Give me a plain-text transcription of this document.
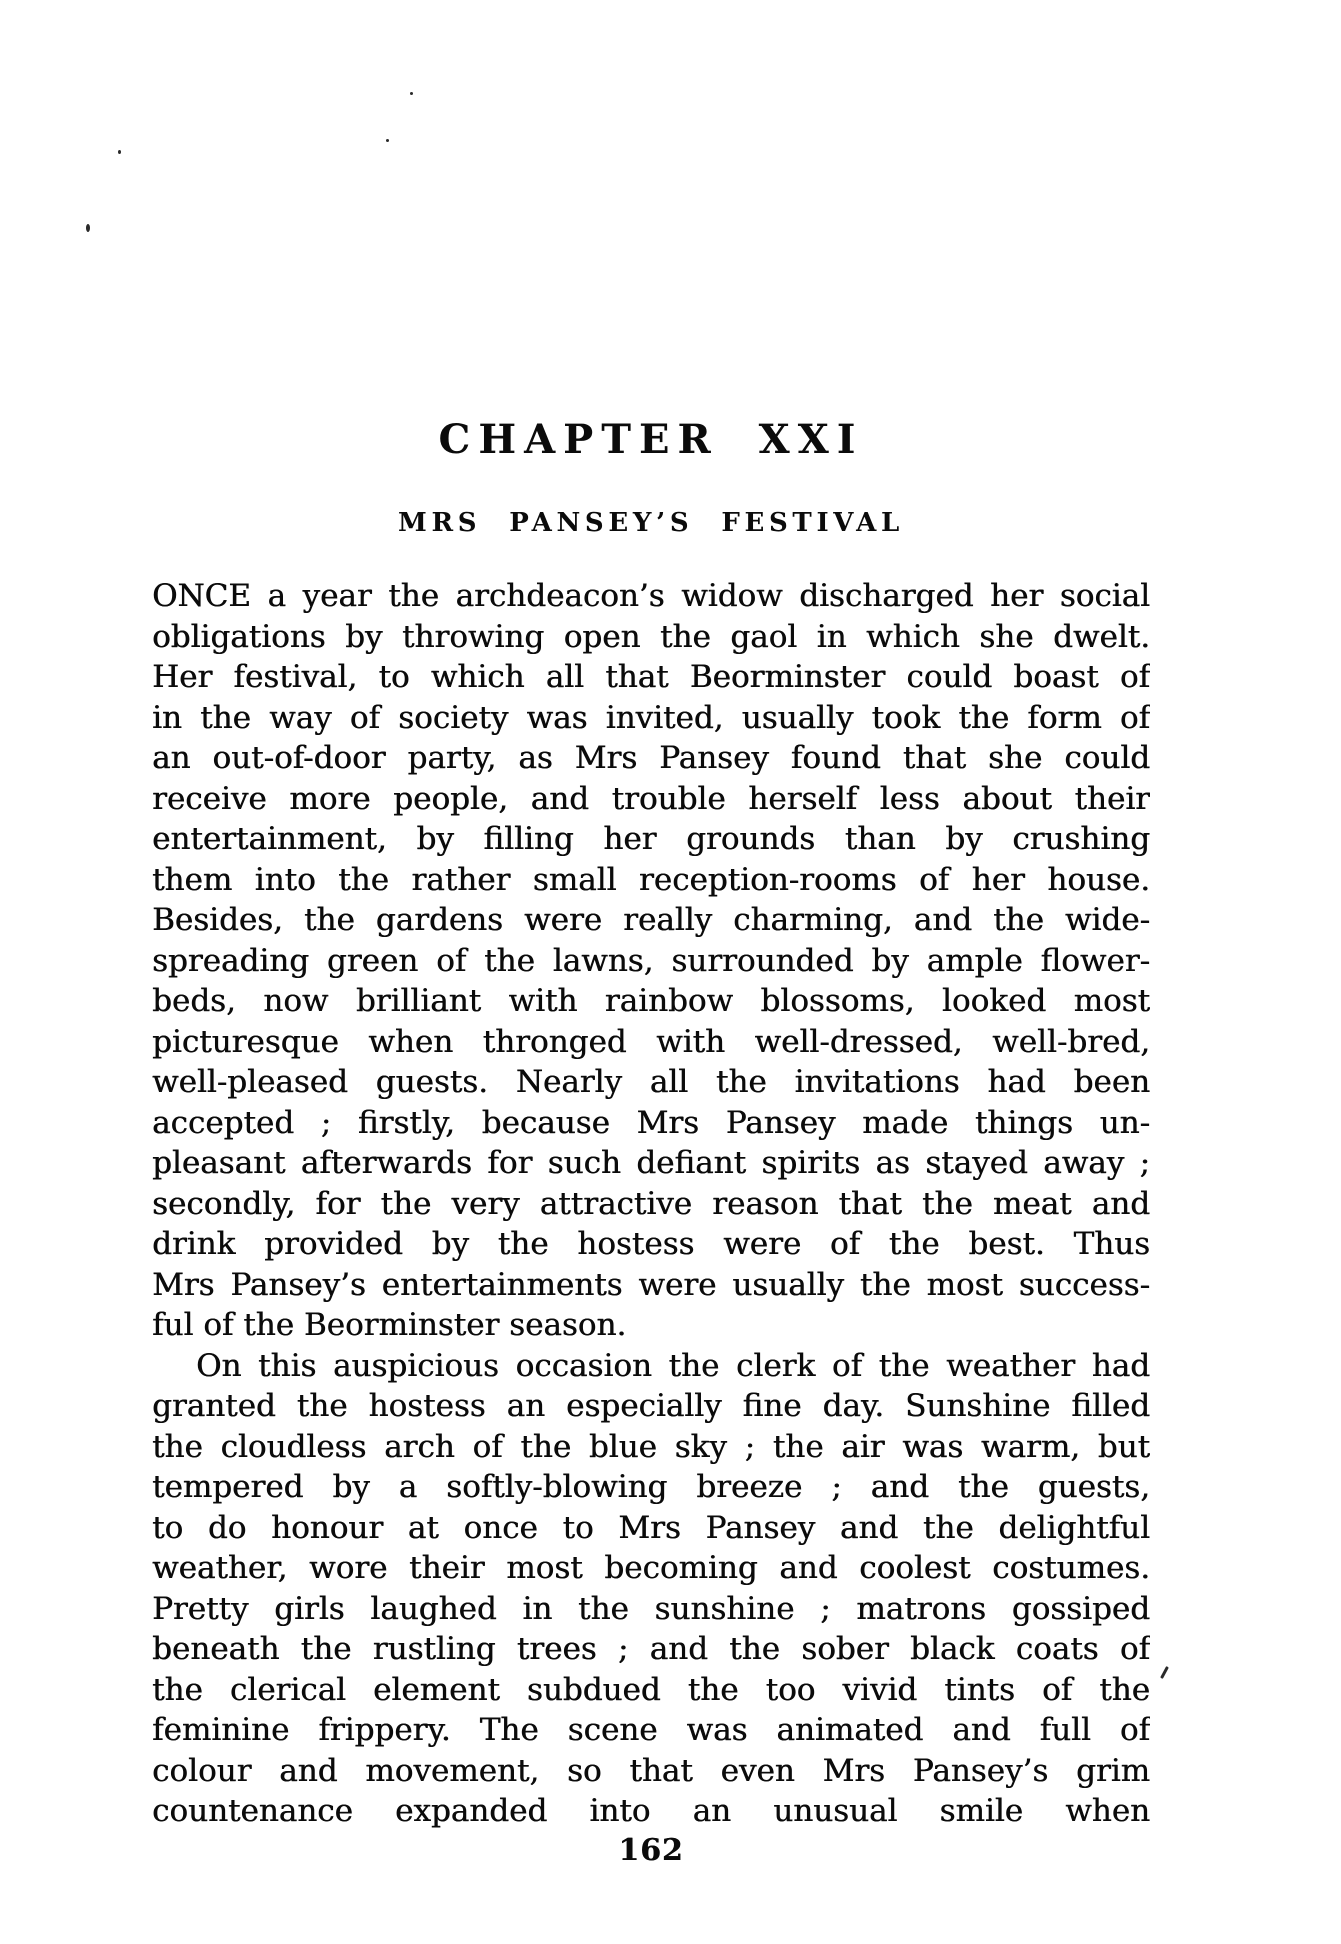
CHAPTER XXI
MRS PANSEY’S FESTIVAL
ONCE a year the archdeacon’s widow discharged her social
obligations by throwing open the gaol in which she dwelt.
Her festival, to which all that Beorminster could boast of
in the way of society was invited, usually took the form of
an out-of-door party, as Mrs Pansey found that she could
receive more people, and trouble herself less about their
entertainment, by filling her grounds than by crushing
them into the rather small reception-rooms of her house.
Besides, the gardens were really charming, and the wide-
spreading green of the lawns, surrounded by ample flower-
beds, now brilliant with rainbow blossoms, looked most
picturesque when thronged with well-dressed, well-bred,
well-pleased guests. Nearly all the invitations had been
accepted ; firstly, because Mrs Pansey made things un-
pleasant afterwards for such defiant spirits as stayed away ;
secondly, for the very attractive reason that the meat and
drink provided by the hostess were of the best. Thus
Mrs Pansey’s entertainments were usually the most success-
ful of the Beorminster season.
On this auspicious occasion the clerk of the weather had
granted the hostess an especially fine day. Sunshine filled
the cloudless arch of the blue sky ; the air was warm, but
tempered by a softly-blowing breeze ; and the guests,
to do honour at once to Mrs Pansey and the delightful
weather, wore their most becoming and coolest costumes.
Pretty girls laughed in the sunshine ; matrons gossiped
beneath the rustling trees ; and the sober black coats of
the clerical element subdued the too vivid tints of the
feminine frippery. The scene was animated and full of
colour and movement, so that even Mrs Pansey’s grim
countenance expanded into an unusual smile when
162
